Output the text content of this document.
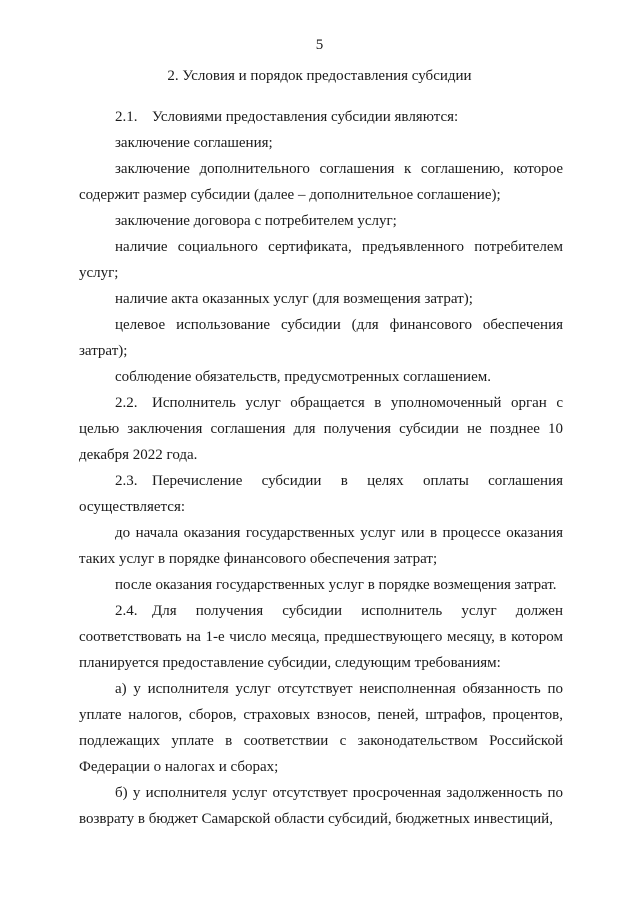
5
2. Условия и порядок предоставления субсидии

2.1. Условиями предоставления субсидии являются:

заключение соглашения;

заключение дополнительного соглашения к соглашению, которое содержит размер субсидии (далее – дополнительное соглашение);

заключение договора с потребителем услуг;

наличие социального сертификата, предъявленного потребителем услуг;

наличие акта оказанных услуг (для возмещения затрат);

целевое использование субсидии (для финансового обеспечения затрат);

соблюдение обязательств, предусмотренных соглашением.

2.2. Исполнитель услуг обращается в уполномоченный орган с целью заключения соглашения для получения субсидии не позднее 10 декабря 2022 года.

2.3. Перечисление субсидии в целях оплаты соглашения осуществляется:

до начала оказания государственных услуг или в процессе оказания таких услуг в порядке финансового обеспечения затрат;

после оказания государственных услуг в порядке возмещения затрат.

2.4. Для получения субсидии исполнитель услуг должен соответствовать на 1-е число месяца, предшествующего месяцу, в котором планируется предоставление субсидии, следующим требованиям:

а) у исполнителя услуг отсутствует неисполненная обязанность по уплате налогов, сборов, страховых взносов, пеней, штрафов, процентов, подлежащих уплате в соответствии с законодательством Российской Федерации о налогах и сборах;

б) у исполнителя услуг отсутствует просроченная задолженность по возврату в бюджет Самарской области субсидий, бюджетных инвестиций,
